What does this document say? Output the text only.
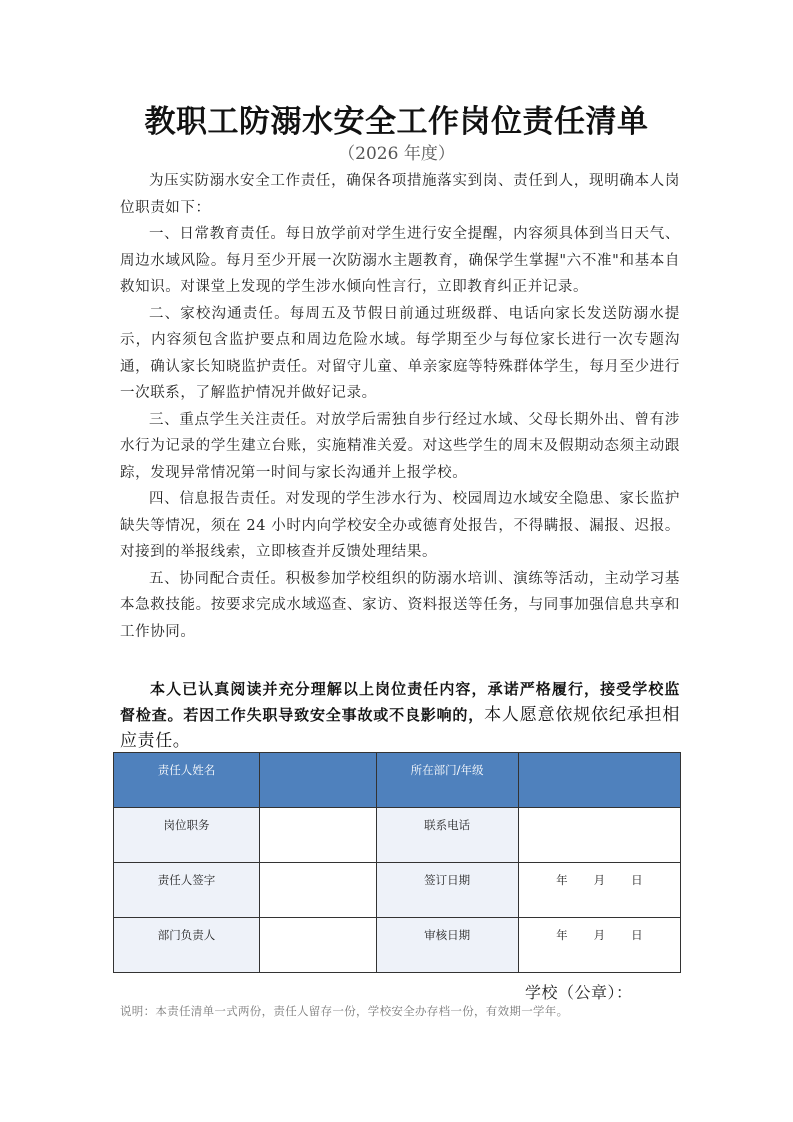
教职工防溺水安全工作岗位责任清单
（2026 年度）

为压实防溺水安全工作责任，确保各项措施落实到岗、责任到人，现明确本人岗位职责如下：

一、日常教育责任。每日放学前对学生进行安全提醒，内容须具体到当日天气、周边水域风险。每月至少开展一次防溺水主题教育，确保学生掌握"六不准"和基本自救知识。对课堂上发现的学生涉水倾向性言行，立即教育纠正并记录。

二、家校沟通责任。每周五及节假日前通过班级群、电话向家长发送防溺水提示，内容须包含监护要点和周边危险水域。每学期至少与每位家长进行一次专题沟通，确认家长知晓监护责任。对留守儿童、单亲家庭等特殊群体学生，每月至少进行一次联系，了解监护情况并做好记录。

三、重点学生关注责任。对放学后需独自步行经过水域、父母长期外出、曾有涉水行为记录的学生建立台账，实施精准关爱。对这些学生的周末及假期动态须主动跟踪，发现异常情况第一时间与家长沟通并上报学校。

四、信息报告责任。对发现的学生涉水行为、校园周边水域安全隐患、家长监护缺失等情况，须在 24 小时内向学校安全办或德育处报告，不得瞒报、漏报、迟报。对接到的举报线索，立即核查并反馈处理结果。

五、协同配合责任。积极参加学校组织的防溺水培训、演练等活动，主动学习基本急救技能。按要求完成水域巡查、家访、资料报送等任务，与同事加强信息共享和工作协同。

本人已认真阅读并充分理解以上岗位责任内容，承诺严格履行，接受学校监督检查。若因工作失职导致安全事故或不良影响的，本人愿意依规依纪承担相应责任。

责任人姓名		所在部门/年级	
岗位职务		联系电话	
责任人签字		签订日期	年 月 日
部门负责人		审核日期	年 月 日
学校（公章）：
说明：本责任清单一式两份，责任人留存一份，学校安全办存档一份，有效期一学年。
